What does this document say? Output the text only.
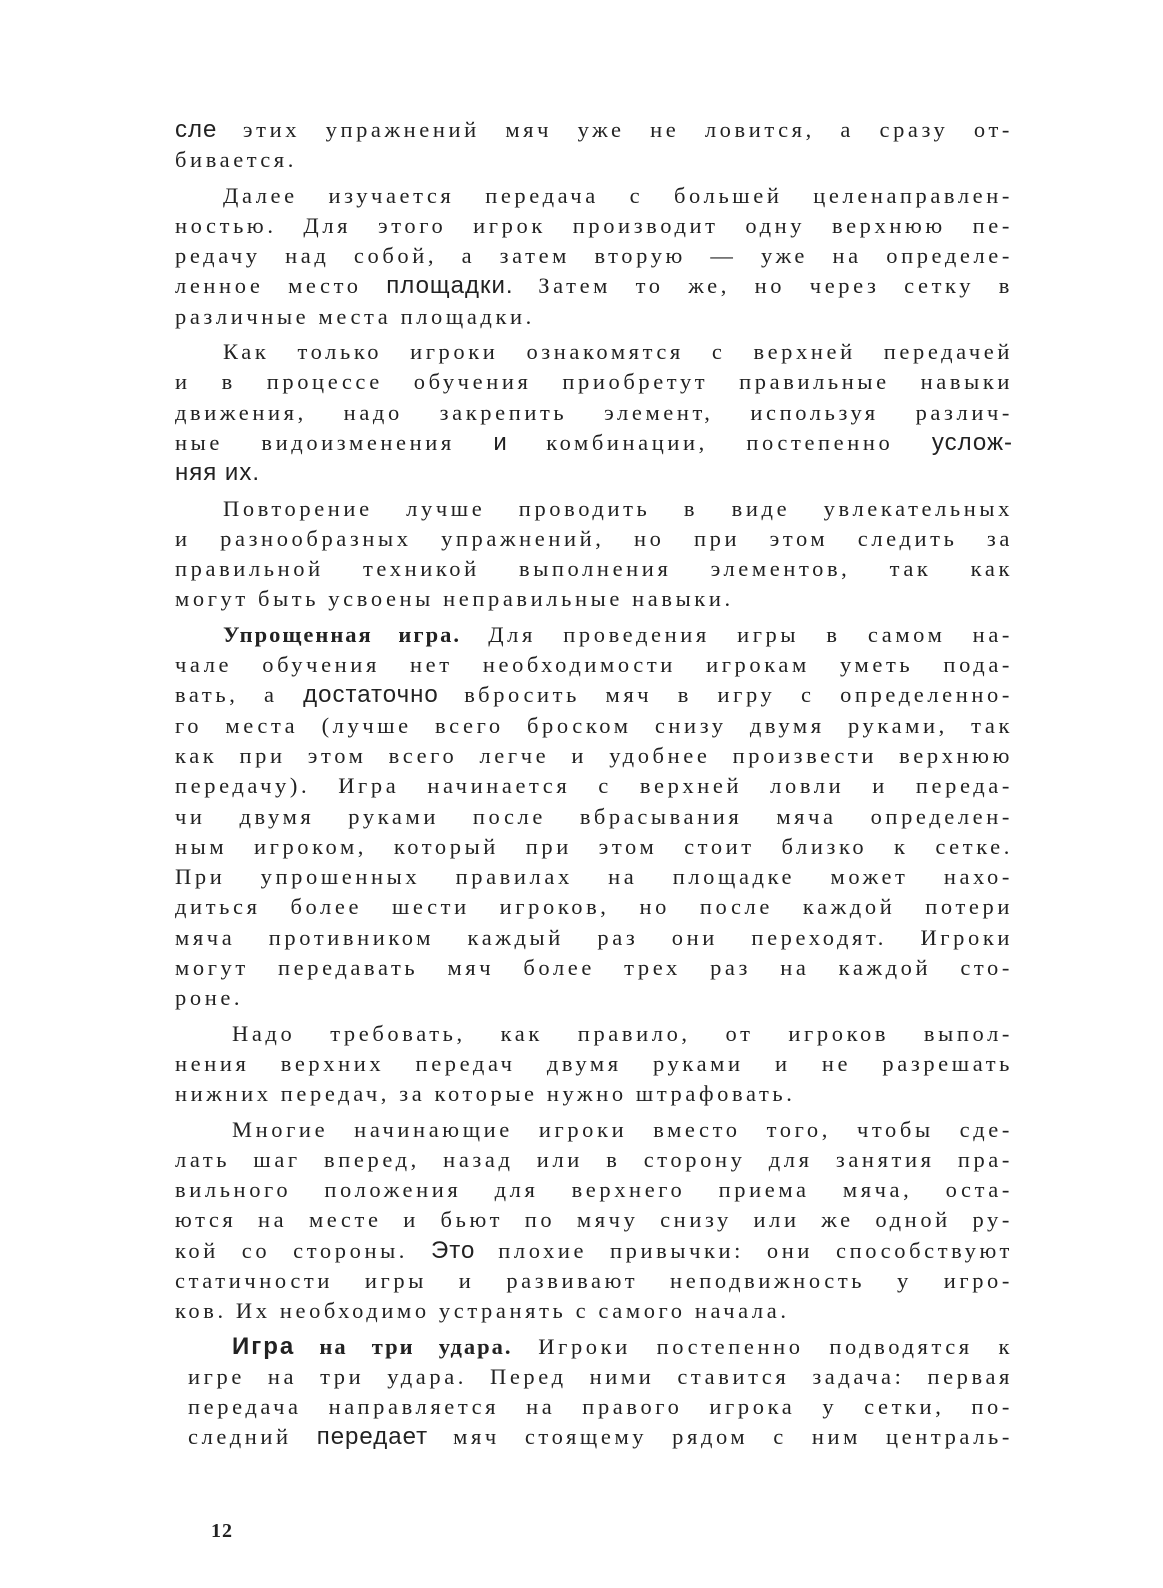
сле этих упражнений мяч уже не ловится, а сразу от-
биваетcя.
Далее изучается передача с большей целенаправлен-
ностью. Для этого игрок производит одну верхнюю пе-
редачу над собой, а затем вторую — уже на определе-
ленное место площадки. Затем то же, но через сетку в
различные места площадки.
Как только игроки ознакомятся с верхней передачей
и в процессе обучения приобретут правильные навыки
движения, надо закрепить элемент, используя различ-
ные видоизменения и комбинации, постепенно услож-
няя их.
Повторение лучше проводить в виде увлекательных
и разнообразных упражнений, но при этом следить за
правильной техникой выполнения элементов, так как
могут быть усвоены неправильные навыки.
Упрощенная игра. Для проведения игры в самом на-
чале обучения нет необходимости игрокам уметь пода-
вать, а достаточно вбросить мяч в игру с определенно-
го места (лучше всего броском снизу двумя руками, так
как при этом всего легче и удобнее произвести верхнюю
передачу). Игра начинается с верхней ловли и переда-
чи двумя руками после вбрасывания мяча определен-
ным игроком, который при этом стоит близко к сетке.
При упрошенных правилах на площадке может нахо-
диться более шести игроков, но после каждой потери
мяча противником каждый раз они переходят. Игроки
могут передавать мяч более трех раз на каждой сто-
роне.
Надо требовать, как правило, от игроков выпол-
нения верхних передач двумя руками и не разрешать
нижних передач, за которые нужно штрафовать.
Многие начинающие игроки вместо того, чтобы сде-
лать шаг вперед, назад или в сторону для занятия пра-
вильного положения для верхнего приема мяча, оста-
ются на месте и бьют по мячу снизу или же одной ру-
кой со стороны. Это плохие привычки: они способствуют
статичности игры и развивают неподвижность у игро-
ков. Их необходимо устранять с самого начала.
Игра на три удара. Игроки постепенно подводятся к
игре на три удара. Перед ними ставится задача: первая
передача направляется на правого игрока у сетки, по-
следний передает мяч стоящему рядом с ним централь-
12
